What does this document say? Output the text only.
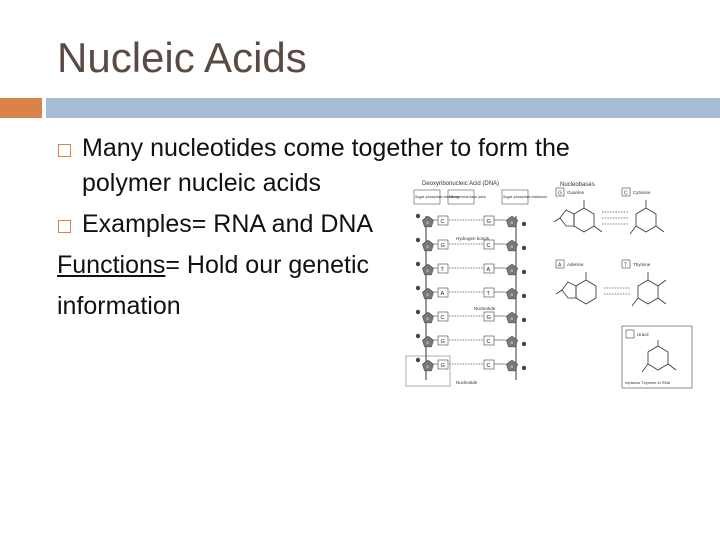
Nucleic Acids
Many nucleotides come together to form the
polymer nucleic acids
Examples= RNA and DNA
Functions= Hold our genetic
information
Deoxyribonucleic Acid (DNA)
Sugar-phosphate backbone
Nitrogenous base pairs	Sugar-phosphate backbone
S	S
C	G
S	S
G	C
S	S
T	A
S	S
A	T
S	S
C	G
S	S
G	C
S	S
G	C
Hydrogen bonds
Nucleotide
Nucleotide
Nucleobases
G Guanine	C Cytosine
A Adenine	T Thymine
Uracil
replaces Thymine in RNA
